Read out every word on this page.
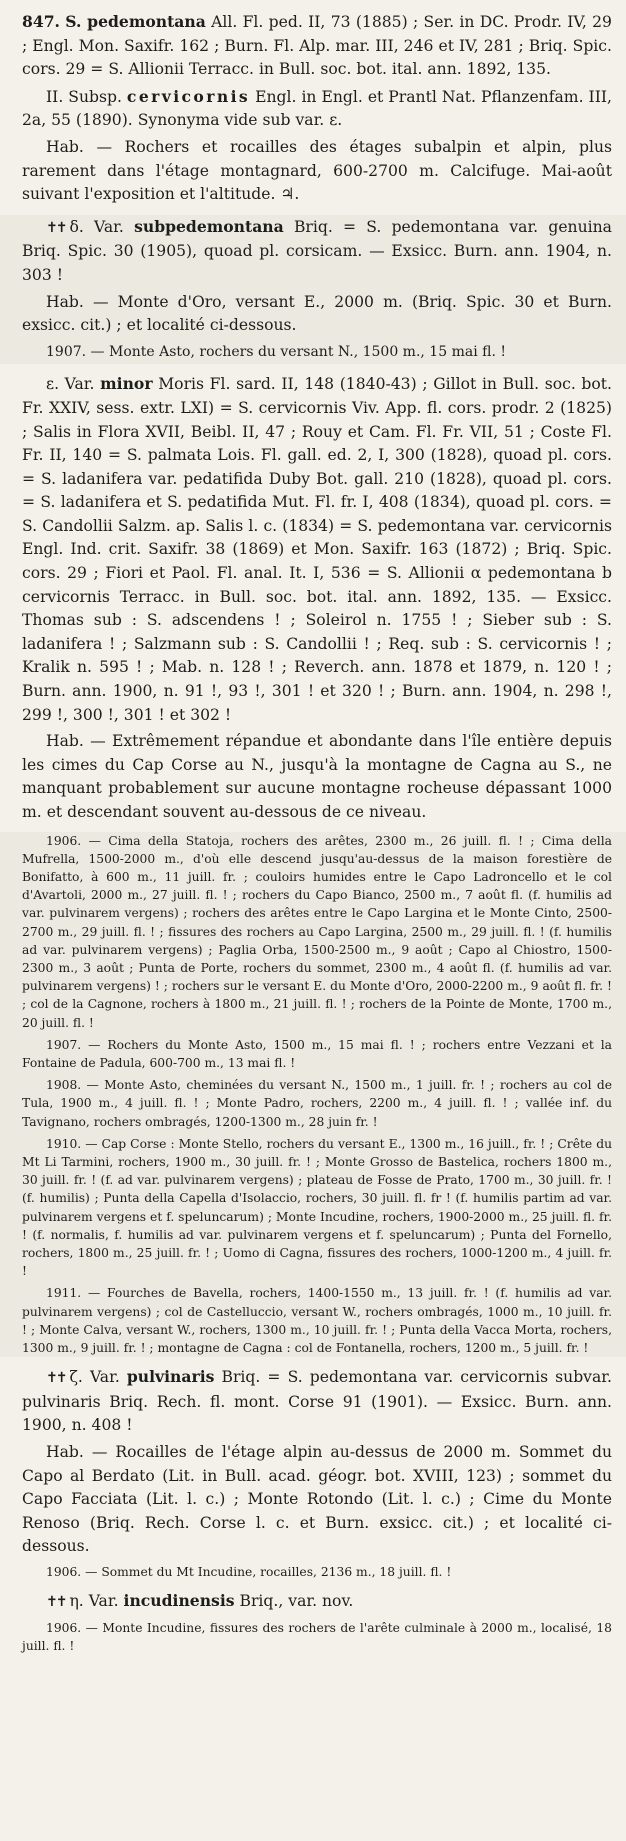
847. S. pedemontana All. Fl. ped. II, 73 (1885) ; Ser. in DC. Prodr. IV, 29 ; Engl. Mon. Saxifr. 162 ; Burn. Fl. Alp. mar. III, 246 et IV, 281 ; Briq. Spic. cors. 29 = S. Allionii Terracc. in Bull. soc. bot. ital. ann. 1892, 135.

II. Subsp. cervicornis Engl. in Engl. et Prantl Nat. Pflanzenfam. III, 2a, 55 (1890). Synonyma vide sub var. ε.

Hab. — Rochers et rocailles des étages subalpin et alpin, plus rarement dans l'étage montagnard, 600-2700 m. Calcifuge. Mai-août suivant l'exposition et l'altitude. ♃.

✝✝ δ. Var. subpedemontana Briq. = S. pedemontana var. genuina Briq. Spic. 30 (1905), quoad pl. corsicam. — Exsicc. Burn. ann. 1904, n. 303 !

Hab. — Monte d'Oro, versant E., 2000 m. (Briq. Spic. 30 et Burn. exsicc. cit.) ; et localité ci-dessous.

1907. — Monte Asto, rochers du versant N., 1500 m., 15 mai fl. !

ε. Var. minor Moris Fl. sard. II, 148 (1840-43) ; Gillot in Bull. soc. bot. Fr. XXIV, sess. extr. LXI) = S. cervicornis Viv. App. fl. cors. prodr. 2 (1825) ; Salis in Flora XVII, Beibl. II, 47 ; Rouy et Cam. Fl. Fr. VII, 51 ; Coste Fl. Fr. II, 140 = S. palmata Lois. Fl. gall. ed. 2, I, 300 (1828), quoad pl. cors. = S. ladanifera var. pedatifida Duby Bot. gall. 210 (1828), quoad pl. cors. = S. ladanifera et S. pedatifida Mut. Fl. fr. I, 408 (1834), quoad pl. cors. = S. Candollii Salzm. ap. Salis l. c. (1834) = S. pedemontana var. cervicornis Engl. Ind. crit. Saxifr. 38 (1869) et Mon. Saxifr. 163 (1872) ; Briq. Spic. cors. 29 ; Fiori et Paol. Fl. anal. It. I, 536 = S. Allionii α pedemontana b cervicornis Terracc. in Bull. soc. bot. ital. ann. 1892, 135. — Exsicc. Thomas sub : S. adscendens ! ; Soleirol n. 1755 ! ; Sieber sub : S. ladanifera ! ; Salzmann sub : S. Candollii ! ; Req. sub : S. cervicornis ! ; Kralik n. 595 ! ; Mab. n. 128 ! ; Reverch. ann. 1878 et 1879, n. 120 ! ; Burn. ann. 1900, n. 91 !, 93 !, 301 ! et 320 ! ; Burn. ann. 1904, n. 298 !, 299 !, 300 !, 301 ! et 302 !

Hab. — Extrêmement répandue et abondante dans l'île entière depuis les cimes du Cap Corse au N., jusqu'à la montagne de Cagna au S., ne manquant probablement sur aucune montagne rocheuse dépassant 1000 m. et descendant souvent au-dessous de ce niveau.

1906. — Cima della Statoja, rochers des arêtes, 2300 m., 26 juill. fl. ! ; Cima della Mufrella, 1500-2000 m., d'où elle descend jusqu'au-dessus de la maison forestière de Bonifatto, à 600 m., 11 juill. fr. ; couloirs humides entre le Capo Ladroncello et le col d'Avartoli, 2000 m., 27 juill. fl. ! ; rochers du Capo Bianco, 2500 m., 7 août fl. (f. humilis ad var. pulvinarem vergens) ; rochers des arêtes entre le Capo Largina et le Monte Cinto, 2500-2700 m., 29 juill. fl. ! ; fissures des rochers au Capo Largina, 2500 m., 29 juill. fl. ! (f. humilis ad var. pulvinarem vergens) ; Paglia Orba, 1500-2500 m., 9 août ; Capo al Chiostro, 1500-2300 m., 3 août ; Punta de Porte, rochers du sommet, 2300 m., 4 août fl. (f. humilis ad var. pulvinarem vergens) ! ; rochers sur le versant E. du Monte d'Oro, 2000-2200 m., 9 août fl. fr. ! ; col de la Cagnone, rochers à 1800 m., 21 juill. fl. ! ; rochers de la Pointe de Monte, 1700 m., 20 juill. fl. !

1907. — Rochers du Monte Asto, 1500 m., 15 mai fl. ! ; rochers entre Vezzani et la Fontaine de Padula, 600-700 m., 13 mai fl. !

1908. — Monte Asto, cheminées du versant N., 1500 m., 1 juill. fr. ! ; rochers au col de Tula, 1900 m., 4 juill. fl. ! ; Monte Padro, rochers, 2200 m., 4 juill. fl. ! ; vallée inf. du Tavignano, rochers ombragés, 1200-1300 m., 28 juin fr. !

1910. — Cap Corse : Monte Stello, rochers du versant E., 1300 m., 16 juill., fr. ! ; Crête du Mt Li Tarmini, rochers, 1900 m., 30 juill. fr. ! ; Monte Grosso de Bastelica, rochers 1800 m., 30 juill. fr. ! (f. ad var. pulvinarem vergens) ; plateau de Fosse de Prato, 1700 m., 30 juill. fr. ! (f. humilis) ; Punta della Capella d'Isolaccio, rochers, 30 juill. fl. fr ! (f. humilis partim ad var. pulvinarem vergens et f. speluncarum) ; Monte Incudine, rochers, 1900-2000 m., 25 juill. fl. fr. ! (f. normalis, f. humilis ad var. pulvinarem vergens et f. speluncarum) ; Punta del Fornello, rochers, 1800 m., 25 juill. fr. ! ; Uomo di Cagna, fissures des rochers, 1000-1200 m., 4 juill. fr. !

1911. — Fourches de Bavella, rochers, 1400-1550 m., 13 juill. fr. ! (f. humilis ad var. pulvinarem vergens) ; col de Castelluccio, versant W., rochers ombragés, 1000 m., 10 juill. fr. ! ; Monte Calva, versant W., rochers, 1300 m., 10 juill. fr. ! ; Punta della Vacca Morta, rochers, 1300 m., 9 juill. fr. ! ; montagne de Cagna : col de Fontanella, rochers, 1200 m., 5 juill. fr. !

✝✝ ζ. Var. pulvinaris Briq. = S. pedemontana var. cervicornis subvar. pulvinaris Briq. Rech. fl. mont. Corse 91 (1901). — Exsicc. Burn. ann. 1900, n. 408 !

Hab. — Rocailles de l'étage alpin au-dessus de 2000 m. Sommet du Capo al Berdato (Lit. in Bull. acad. géogr. bot. XVIII, 123) ; sommet du Capo Facciata (Lit. l. c.) ; Monte Rotondo (Lit. l. c.) ; Cime du Monte Renoso (Briq. Rech. Corse l. c. et Burn. exsicc. cit.) ; et localité ci-dessous.

1906. — Sommet du Mt Incudine, rocailles, 2136 m., 18 juill. fl. !

✝✝ η. Var. incudinensis Briq., var. nov.

1906. — Monte Incudine, fissures des rochers de l'arête culminale à 2000 m., localisé, 18 juill. fl. !
